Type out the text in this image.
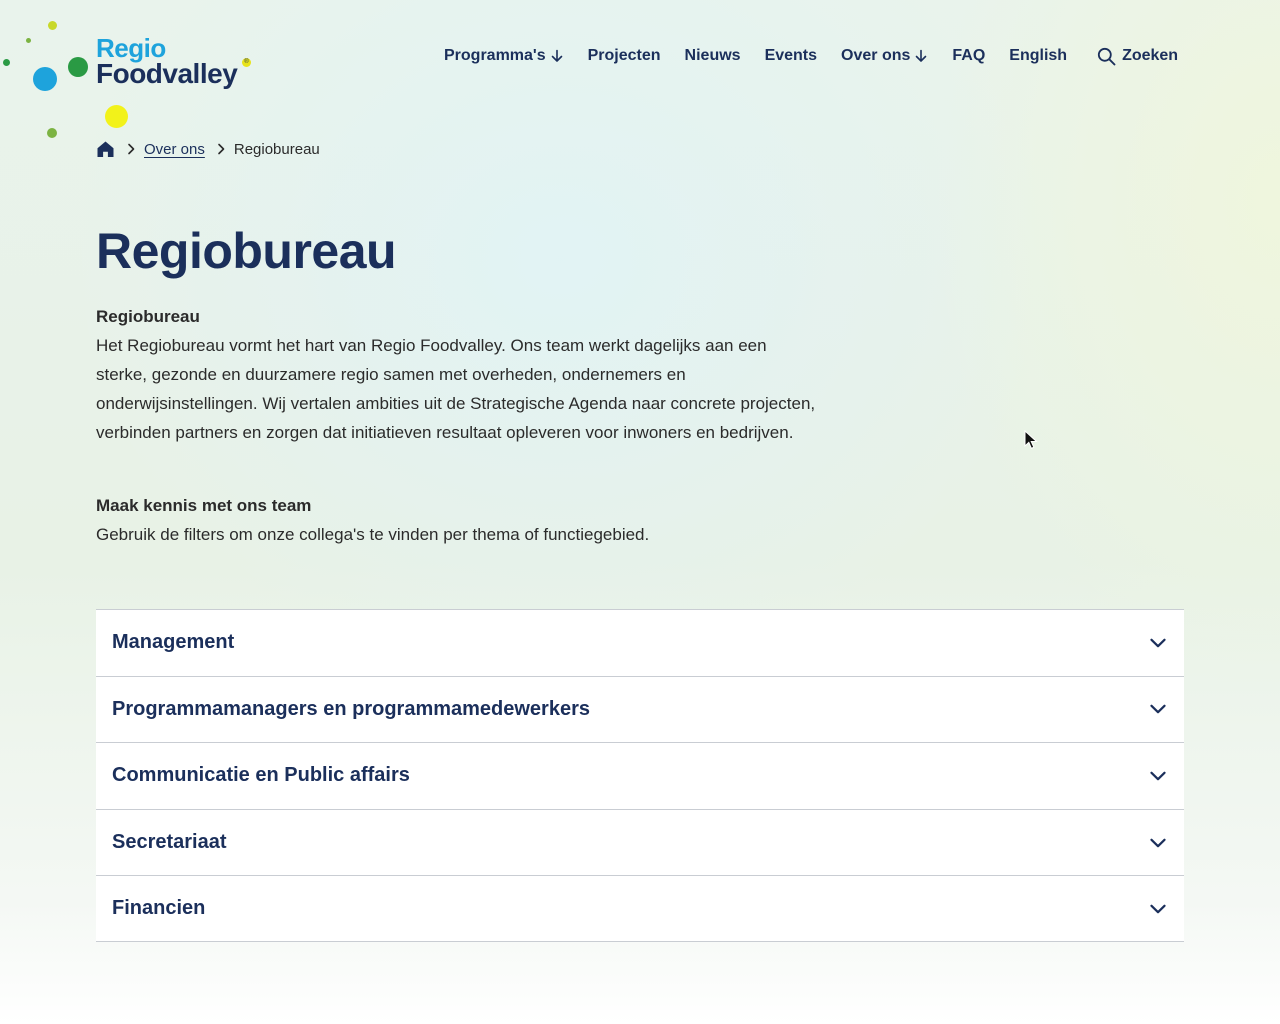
Regio
Foodvalley	®	Programma's	Projecten Nieuws Events Over ons	FAQ English	Zoeken
Over ons Regiobureau
Regiobureau
Regiobureau

Het Regiobureau vormt het hart van Regio Foodvalley. Ons team werkt dagelijks aan een sterke, gezonde en duurzamere regio samen met overheden, ondernemers en onderwijsinstellingen. Wij vertalen ambities uit de Strategische Agenda naar concrete projecten, verbinden partners en zorgen dat initiatieven resultaat opleveren voor inwoners en bedrijven.

Maak kennis met ons team

Gebruik de filters om onze collega's te vinden per thema of functiegebied.

Management
Programmamanagers en programmamedewerkers
Communicatie en Public affairs
Secretariaat
Financien
